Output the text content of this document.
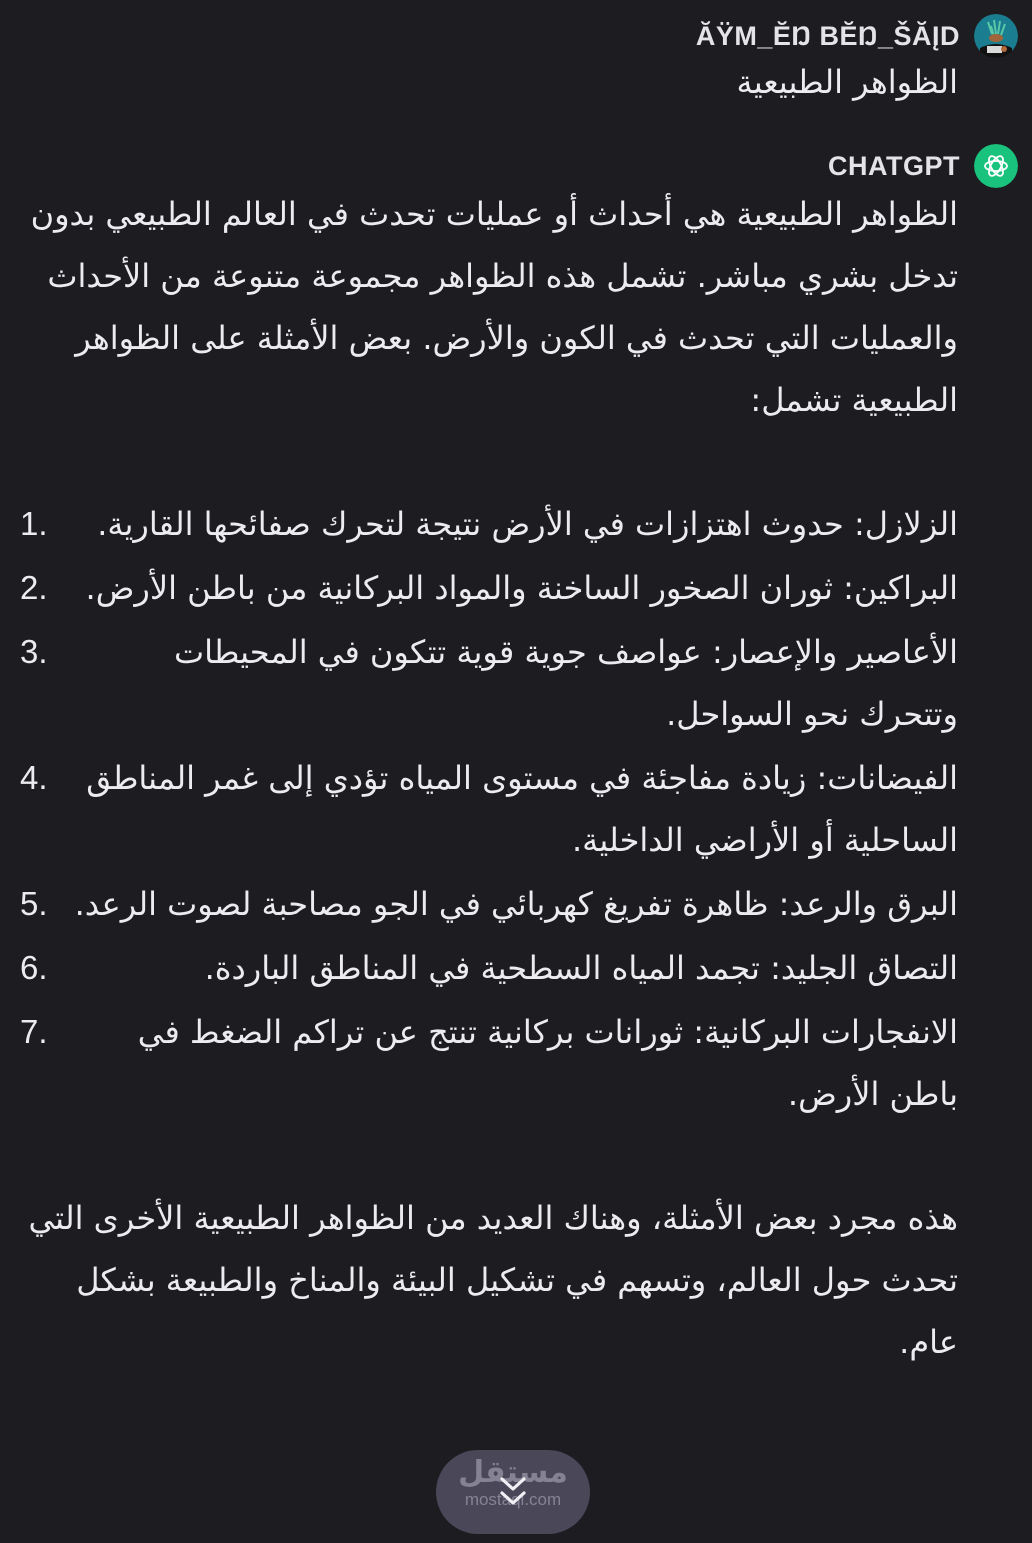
ĂŸM_ĔŊ BĔŊ_ŠĂĮD
الظواهر الطبيعية
CHATGPT

الظواهر الطبيعية هي أحداث أو عمليات تحدث في العالم الطبيعي بدون تدخل بشري مباشر. تشمل هذه الظواهر مجموعة متنوعة من الأحداث والعمليات التي تحدث في الكون والأرض. بعض الأمثلة على الظواهر الطبيعية تشمل:

الزلازل: حدوث اهتزازات في الأرض نتيجة لتحرك صفائحها القارية.
1.
البراكين: ثوران الصخور الساخنة والمواد البركانية من باطن الأرض.
2.
الأعاصير والإعصار: عواصف جوية قوية تتكون في المحيطات وتتحرك نحو السواحل.
3.
الفيضانات: زيادة مفاجئة في مستوى المياه تؤدي إلى غمر المناطق الساحلية أو الأراضي الداخلية.
4.
البرق والرعد: ظاهرة تفريغ كهربائي في الجو مصاحبة لصوت الرعد.
5.
التصاق الجليد: تجمد المياه السطحية في المناطق الباردة.
6.
الانفجارات البركانية: ثورانات بركانية تنتج عن تراكم الضغط في باطن الأرض.
7.

هذه مجرد بعض الأمثلة، وهناك العديد من الظواهر الطبيعية الأخرى التي تحدث حول العالم، وتسهم في تشكيل البيئة والمناخ والطبيعة بشكل عام.

مستقل
mostaql.com
